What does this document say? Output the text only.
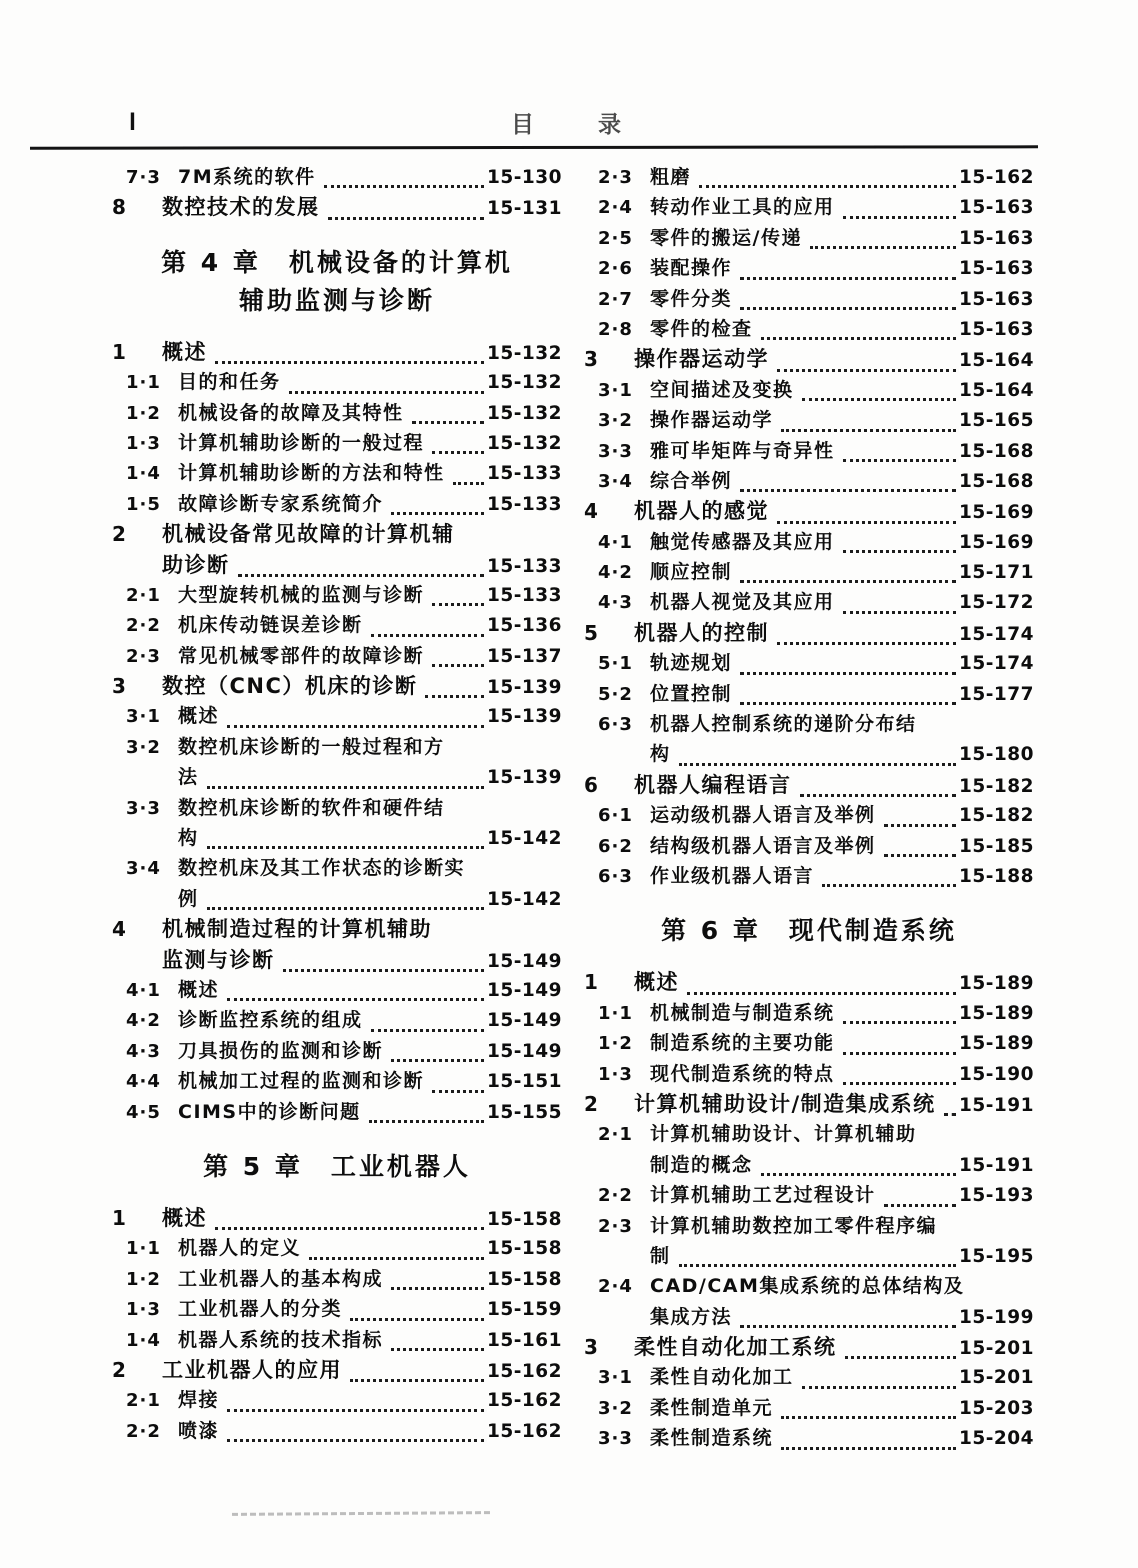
Ⅰ	目　　录
7·3 7M系统的软件	15-130
8	数控技术的发展	15-131
第 4 章　机械设备的计算机
辅助监测与诊断
1	概述	15-132
1·1 目的和任务	15-132
1·2 机械设备的故障及其特性	15-132
1·3 计算机辅助诊断的一般过程	15-132
1·4 计算机辅助诊断的方法和特性 15-133
1·5 故障诊断专家系统简介	15-133
2	机械设备常见故障的计算机辅
助诊断	15-133
2·1 大型旋转机械的监测与诊断	15-133
2·2 机床传动链误差诊断	15-136
2·3 常见机械零部件的故障诊断	15-137
3	数控（CNC）机床的诊断	15-139
3·1 概述	15-139
3·2 数控机床诊断的一般过程和方
法	15-139
3·3 数控机床诊断的软件和硬件结
构	15-142
3·4 数控机床及其工作状态的诊断实
例	15-142
4	机械制造过程的计算机辅助
监测与诊断	15-149
4·1 概述	15-149
4·2 诊断监控系统的组成	15-149
4·3 刀具损伤的监测和诊断	15-149
4·4 机械加工过程的监测和诊断	15-151
4·5 CIMS中的诊断问题	15-155
第 5 章　工业机器人
1	概述	15-158
1·1 机器人的定义	15-158
1·2 工业机器人的基本构成	15-158
1·3 工业机器人的分类	15-159
1·4 机器人系统的技术指标	15-161
2	工业机器人的应用	15-162
2·1 焊接	15-162
2·2 喷漆	15-162
2·3 粗磨	15-162
2·4 转动作业工具的应用	15-163
2·5 零件的搬运/传递	15-163
2·6 装配操作	15-163
2·7 零件分类	15-163
2·8 零件的检查	15-163
3	操作器运动学	15-164
3·1 空间描述及变换	15-164
3·2 操作器运动学	15-165
3·3 雅可毕矩阵与奇异性	15-168
3·4 综合举例	15-168
4	机器人的感觉	15-169
4·1 触觉传感器及其应用	15-169
4·2 顺应控制	15-171
4·3 机器人视觉及其应用	15-172
5	机器人的控制	15-174
5·1 轨迹规划	15-174
5·2 位置控制	15-177
6·3 机器人控制系统的递阶分布结
构	15-180
6	机器人编程语言	15-182
6·1 运动级机器人语言及举例	15-182
6·2 结构级机器人语言及举例	15-185
6·3 作业级机器人语言	15-188
第 6 章　现代制造系统
1	概述	15-189
1·1 机械制造与制造系统	15-189
1·2 制造系统的主要功能	15-189
1·3 现代制造系统的特点	15-190
2	计算机辅助设计/制造集成系统 15-191
2·1 计算机辅助设计、计算机辅助
制造的概念	15-191
2·2 计算机辅助工艺过程设计	15-193
2·3 计算机辅助数控加工零件程序编
制	15-195
2·4 CAD/CAM集成系统的总体结构及
集成方法	15-199
3	柔性自动化加工系统	15-201
3·1 柔性自动化加工	15-201
3·2 柔性制造单元	15-203
3·3 柔性制造系统	15-204
